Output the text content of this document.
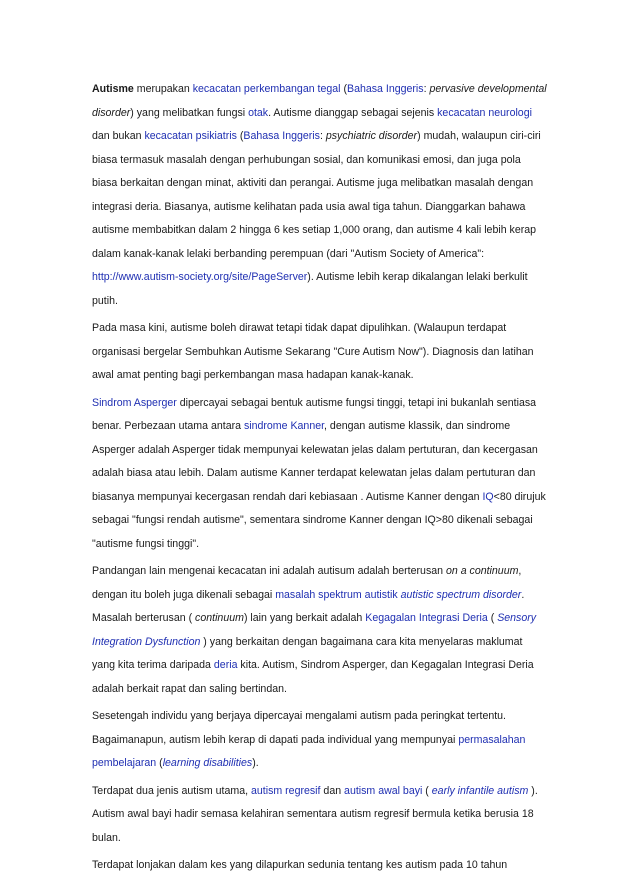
Autisme merupakan kecacatan perkembangan tegal (Bahasa Inggeris: pervasive developmental disorder) yang melibatkan fungsi otak. Autisme dianggap sebagai sejenis kecacatan neurologi dan bukan kecacatan psikiatris (Bahasa Inggeris: psychiatric disorder) mudah, walaupun ciri-ciri biasa termasuk masalah dengan perhubungan sosial, dan komunikasi emosi, dan juga pola biasa berkaitan dengan minat, aktiviti dan perangai. Autisme juga melibatkan masalah dengan integrasi deria. Biasanya, autisme kelihatan pada usia awal tiga tahun. Dianggarkan bahawa autisme membabitkan dalam 2 hingga 6 kes setiap 1,000 orang, dan autisme 4 kali lebih kerap dalam kanak-kanak lelaki berbanding perempuan (dari "Autism Society of America": http://www.autism-society.org/site/PageServer). Autisme lebih kerap dikalangan lelaki berkulit putih.

Pada masa kini, autisme boleh dirawat tetapi tidak dapat dipulihkan. (Walaupun terdapat organisasi bergelar Sembuhkan Autisme Sekarang "Cure Autism Now"). Diagnosis dan latihan awal amat penting bagi perkembangan masa hadapan kanak-kanak.

Sindrom Asperger dipercayai sebagai bentuk autisme fungsi tinggi, tetapi ini bukanlah sentiasa benar. Perbezaan utama antara sindrome Kanner, dengan autisme klassik, dan sindrome Asperger adalah Asperger tidak mempunyai kelewatan jelas dalam pertuturan, dan kecergasan adalah biasa atau lebih. Dalam autisme Kanner terdapat kelewatan jelas dalam pertuturan dan biasanya mempunyai kecergasan rendah dari kebiasaan . Autisme Kanner dengan IQ<80 dirujuk sebagai "fungsi rendah autisme", sementara sindrome Kanner dengan IQ>80 dikenali sebagai "autisme fungsi tinggi".

Pandangan lain mengenai kecacatan ini adalah autisum adalah berterusan on a continuum, dengan itu boleh juga dikenali sebagai masalah spektrum autistik autistic spectrum disorder. Masalah berterusan ( continuum) lain yang berkait adalah Kegagalan Integrasi Deria ( Sensory Integration Dysfunction ) yang berkaitan dengan bagaimana cara kita menyelaras maklumat yang kita terima daripada deria kita. Autism, Sindrom Asperger, dan Kegagalan Integrasi Deria adalah berkait rapat dan saling bertindan.

Sesetengah individu yang berjaya dipercayai mengalami autism pada peringkat tertentu. Bagaimanapun, autism lebih kerap di dapati pada individual yang mempunyai permasalahan pembelajaran (learning disabilities).

Terdapat dua jenis autism utama, autism regresif dan autism awal bayi ( early infantile autism ). Autism awal bayi hadir semasa kelahiran sementara autism regresif bermula ketika berusia 18 bulan.

Terdapat lonjakan dalam kes yang dilapurkan sedunia tentang kes autism pada 10 tahun
